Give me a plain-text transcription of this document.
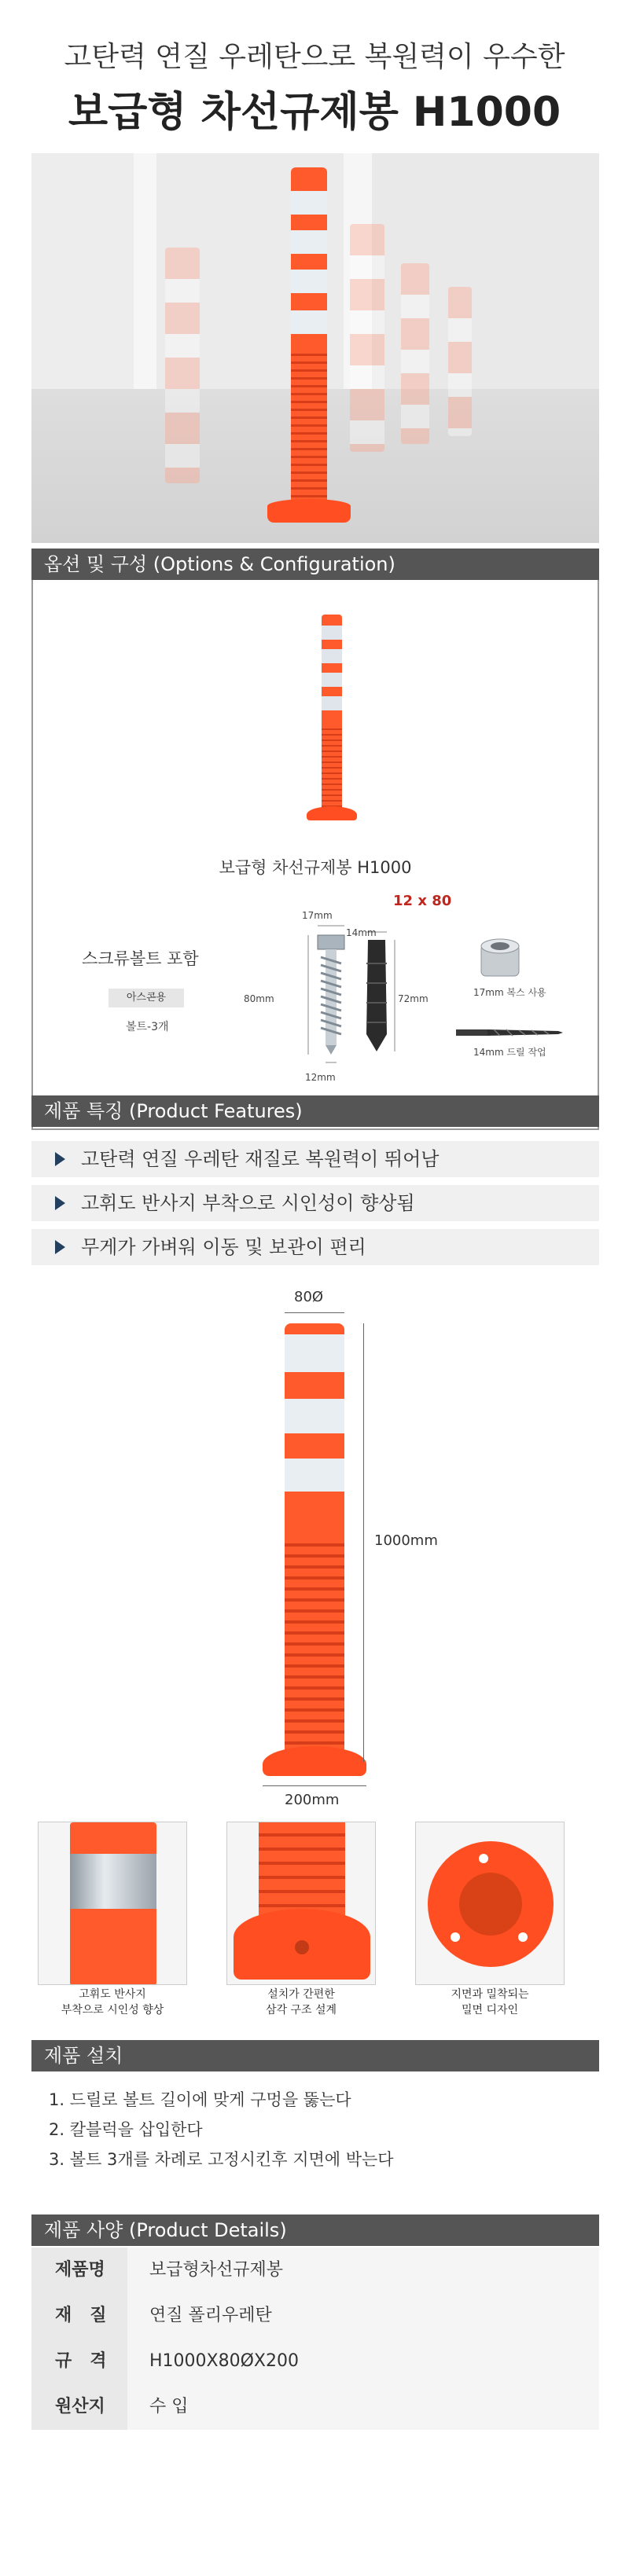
고탄력 연질 우레탄으로 복원력이 우수한
보급형 차선규제봉 H1000
옵션 및 구성 (Options & Configuration)
보급형 차선규제봉 H1000
스크류볼트 포함
아스콘용
볼트-3개
12 x 80
17mm
80mm
12mm
14mm
72mm
17mm 복스 사용
14mm 드릴 작업
제품 특징 (Product Features)
고탄력 연질 우레탄 재질로 복원력이 뛰어남
고휘도 반사지 부착으로 시인성이 향상됨
무게가 가벼워 이동 및 보관이 편리
80Ø
1000mm
200mm
고휘도 반사지
부착으로 시인성 향상
설치가 간편한
삼각 구조 설계
지면과 밀착되는
밀면 디자인
제품 설치
1. 드릴로 볼트 길이에 맞게 구멍을 뚫는다
2. 칼블럭을 삽입한다
3. 볼트 3개를 차례로 고정시킨후 지면에 박는다
제품 사양 (Product Details)
제품명	보급형차선규제봉
재   질	연질 폴리우레탄
규   격	H1000X80ØX200
원산지	수 입
